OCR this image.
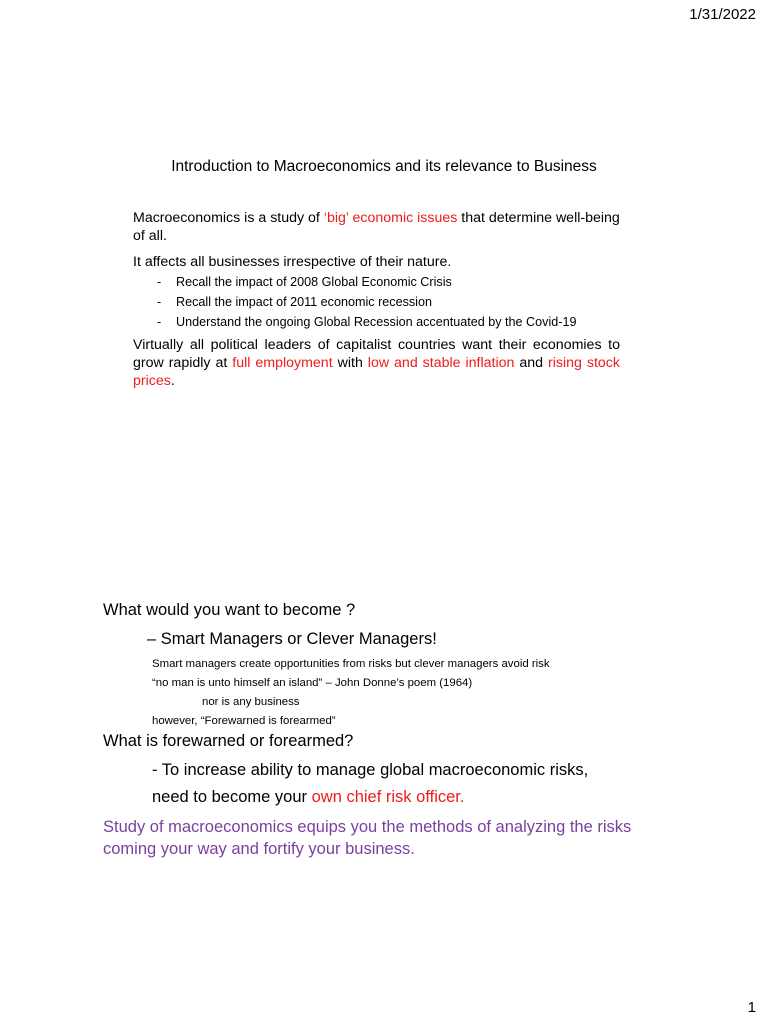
1/31/2022
Introduction to Macroeconomics and its relevance to Business
Macroeconomics is a study of ‘big’ economic issues that determine well-being of all.
It affects all businesses irrespective of their nature.
- Recall the impact of 2008 Global Economic Crisis
- Recall the impact of 2011 economic recession
- Understand the ongoing Global Recession accentuated by the Covid-19
Virtually all political leaders of capitalist countries want their economies to grow rapidly at full employment with low and stable inflation and rising stock prices.
What would you want to become ?
– Smart Managers or Clever Managers!
Smart managers create opportunities from risks but clever managers avoid risk
“no man is unto himself an island” – John Donne’s poem (1964)
nor is any business
however, “Forewarned is forearmed”
What is forewarned or forearmed?
- To increase ability to manage global macroeconomic risks,
need to become your own chief risk officer.
Study of macroeconomics equips you the methods of analyzing the risks coming your way and fortify your business.
1
